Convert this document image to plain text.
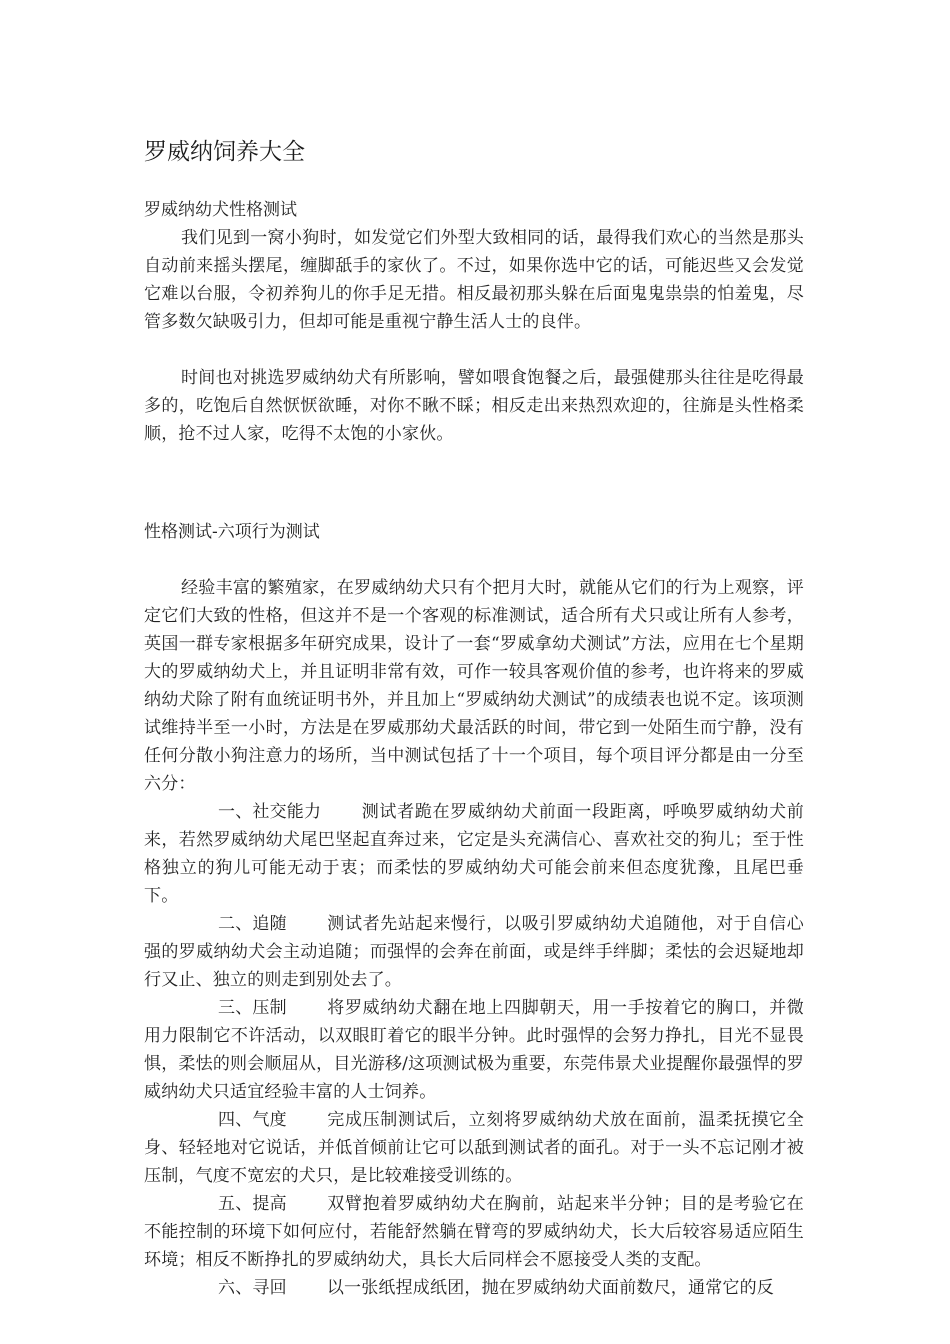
罗威纳饲养大全

罗威纳幼犬性格测试

我们见到一窝小狗时，如发觉它们外型大致相同的话，最得我们欢心的当然是那头自动前来摇头摆尾，缠脚舐手的家伙了。不过，如果你选中它的话，可能迟些又会发觉它难以台服，令初养狗儿的你手足无措。相反最初那头躲在后面鬼鬼祟祟的怕羞鬼，尽管多数欠缺吸引力，但却可能是重视宁静生活人士的良伴。

时间也对挑选罗威纳幼犬有所影响，譬如喂食饱餐之后，最强健那头往往是吃得最多的，吃饱后自然恹恹欲睡，对你不瞅不睬；相反走出来热烈欢迎的，往旆是头性格柔顺，抢不过人家，吃得不太饱的小家伙。

性格测试-六项行为测试

经验丰富的繁殖家，在罗威纳幼犬只有个把月大时，就能从它们的行为上观察，评定它们大致的性格，但这并不是一个客观的标准测试，适合所有犬只或让所有人参考，英国一群专家根据多年研究成果，设计了一套“罗威拿幼犬测试”方法，应用在七个星期大的罗威纳幼犬上，并且证明非常有效，可作一较具客观价值的参考，也许将来的罗威纳幼犬除了附有血统证明书外，并且加上“罗威纳幼犬测试”的成绩表也说不定。该项测试维持半至一小时，方法是在罗威那幼犬最活跃的时间，带它到一处陌生而宁静，没有任何分散小狗注意力的场所，当中测试包括了十一个项目，每个项目评分都是由一分至六分：

一、社交能力 测试者跪在罗威纳幼犬前面一段距离，呼唤罗威纳幼犬前来，若然罗威纳幼犬尾巴坚起直奔过来，它定是头充满信心、喜欢社交的狗儿；至于性格独立的狗儿可能无动于衷；而柔怯的罗威纳幼犬可能会前来但态度犹豫，且尾巴垂下。

二、追随 测试者先站起来慢行，以吸引罗威纳幼犬追随他，对于自信心强的罗威纳幼犬会主动追随；而强悍的会奔在前面，或是绊手绊脚；柔怯的会迟疑地却行又止、独立的则走到别处去了。

三、压制 将罗威纳幼犬翻在地上四脚朝天，用一手按着它的胸口，并微用力限制它不许活动，以双眼盯着它的眼半分钟。此时强悍的会努力挣扎，目光不显畏惧，柔怯的则会顺屈从，目光游移/这项测试极为重要，东莞伟景犬业提醒你最强悍的罗威纳幼犬只适宜经验丰富的人士饲养。

四、气度 完成压制测试后，立刻将罗威纳幼犬放在面前，温柔抚摸它全身、轻轻地对它说话，并低首倾前让它可以舐到测试者的面孔。对于一头不忘记刚才被压制，气度不宽宏的犬只，是比较难接受训练的。

五、提高 双臂抱着罗威纳幼犬在胸前，站起来半分钟；目的是考验它在不能控制的环境下如何应付，若能舒然躺在臂弯的罗威纳幼犬，长大后较容易适应陌生环境；相反不断挣扎的罗威纳幼犬，具长大后同样会不愿接受人类的支配。

六、寻回 以一张纸捏成纸团，抛在罗威纳幼犬面前数尺，通常它的反
